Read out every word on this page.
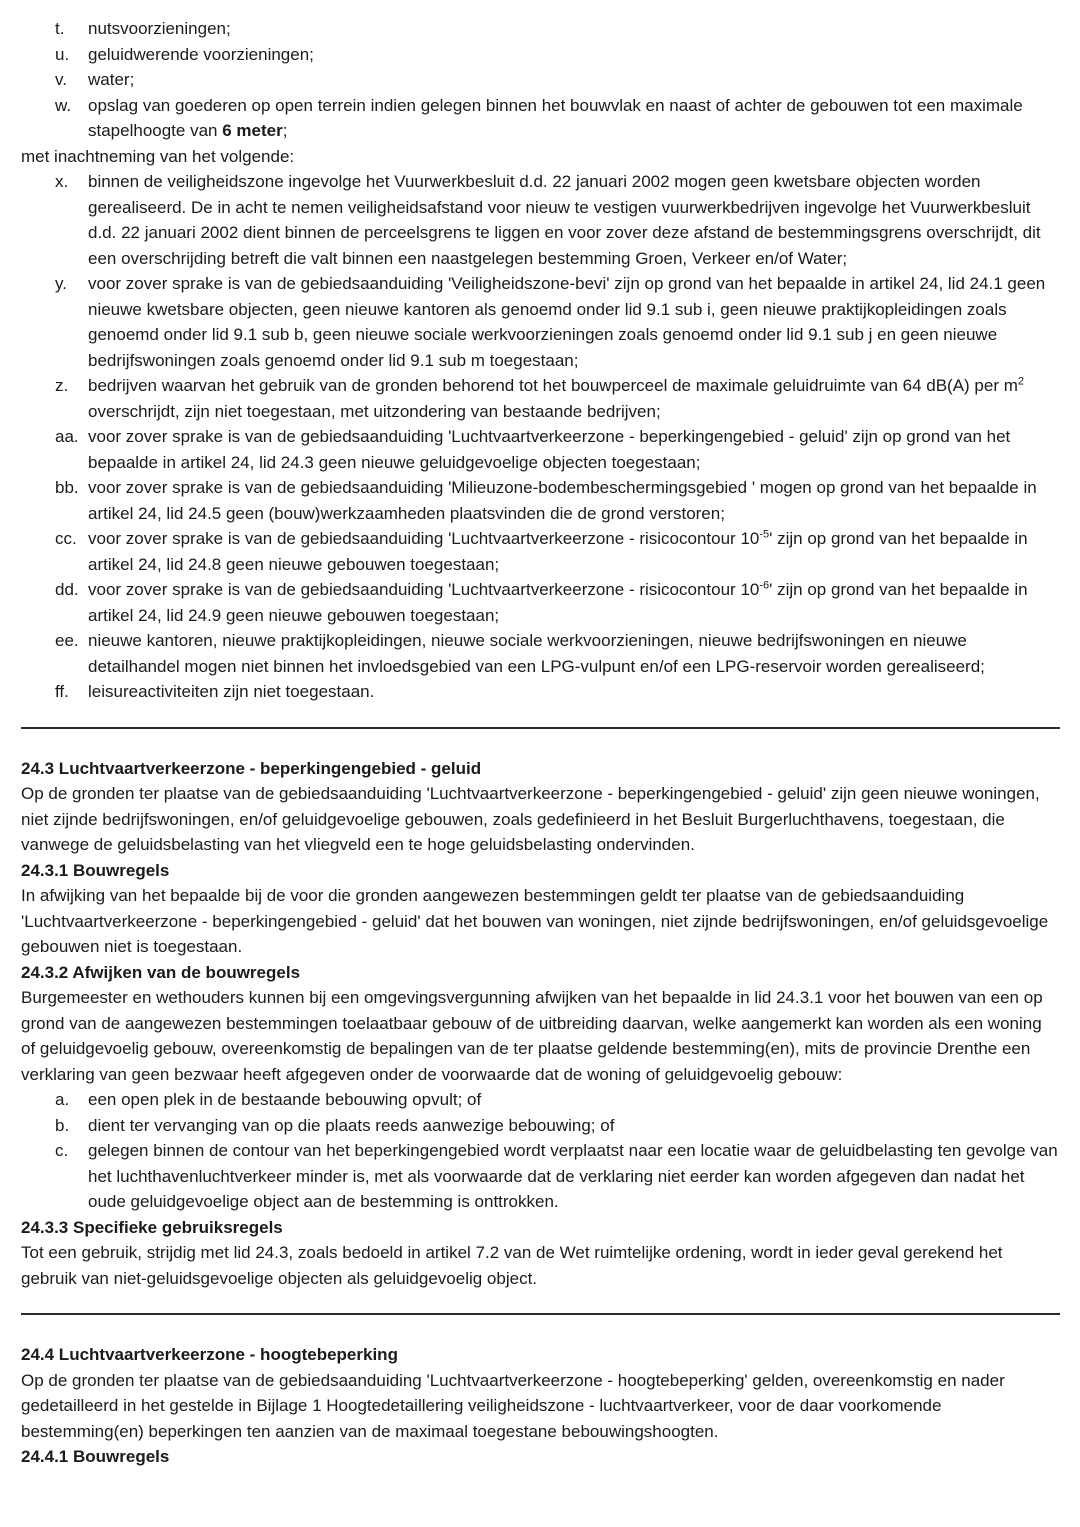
t.	nutsvoorzieningen;
u.	geluidwerende voorzieningen;
v.	water;
w. opslag van goederen op open terrein indien gelegen binnen het bouwvlak en naast of achter de gebouwen tot een maximale stapelhoogte van 6 meter;

met inachtneming van het volgende:

x.	binnen de veiligheidszone ingevolge het Vuurwerkbesluit d.d. 22 januari 2002 mogen geen kwetsbare objecten worden gerealiseerd. De in acht te nemen veiligheidsafstand voor nieuw te vestigen vuurwerkbedrijven ingevolge het Vuurwerkbesluit d.d. 22 januari 2002 dient binnen de perceelsgrens te liggen en voor zover deze afstand de bestemmingsgrens overschrijdt, dit een overschrijding betreft die valt binnen een naastgelegen bestemming Groen, Verkeer en/of Water;
y.	voor zover sprake is van de gebiedsaanduiding 'Veiligheidszone-bevi' zijn op grond van het bepaalde in artikel 24, lid 24.1 geen nieuwe kwetsbare objecten, geen nieuwe kantoren als genoemd onder lid 9.1 sub i, geen nieuwe praktijkopleidingen zoals genoemd onder lid 9.1 sub b, geen nieuwe sociale werkvoorzieningen zoals genoemd onder lid 9.1 sub j en geen nieuwe bedrijfswoningen zoals genoemd onder lid 9.1 sub m toegestaan;
z.	bedrijven waarvan het gebruik van de gronden behorend tot het bouwperceel de maximale geluidruimte van 64 dB(A) per $m^2$ overschrijdt, zijn niet toegestaan, met uitzondering van bestaande bedrijven;
aa. voor zover sprake is van de gebiedsaanduiding 'Luchtvaartverkeerzone - beperkingengebied - geluid' zijn op grond van het bepaalde in artikel 24, lid 24.3 geen nieuwe geluidgevoelige objecten toegestaan;
bb. voor zover sprake is van de gebiedsaanduiding 'Milieuzone-bodembeschermingsgebied ' mogen op grond van het bepaalde in artikel 24, lid 24.5 geen (bouw)werkzaamheden plaatsvinden die de grond verstoren;
cc. voor zover sprake is van de gebiedsaanduiding 'Luchtvaartverkeerzone - risicocontour $10^{-5}'$ zijn op grond van het bepaalde in artikel 24, lid 24.8 geen nieuwe gebouwen toegestaan;
dd. voor zover sprake is van de gebiedsaanduiding 'Luchtvaartverkeerzone - risicocontour $10^{-6}'$ zijn op grond van het bepaalde in artikel 24, lid 24.9 geen nieuwe gebouwen toegestaan;
ee. nieuwe kantoren, nieuwe praktijkopleidingen, nieuwe sociale werkvoorzieningen, nieuwe bedrijfswoningen en nieuwe detailhandel mogen niet binnen het invloedsgebied van een LPG-vulpunt en/of een LPG-reservoir worden gerealiseerd;
ff.	leisureactiviteiten zijn niet toegestaan.
24.3 Luchtvaartverkeerzone - beperkingengebied - geluid

Op de gronden ter plaatse van de gebiedsaanduiding 'Luchtvaartverkeerzone - beperkingengebied - geluid' zijn geen nieuwe woningen, niet zijnde bedrijfswoningen, en/of geluidgevoelige gebouwen, zoals gedefinieerd in het Besluit Burgerluchthavens, toegestaan, die vanwege de geluidsbelasting van het vliegveld een te hoge geluidsbelasting ondervinden.

24.3.1 Bouwregels

In afwijking van het bepaalde bij de voor die gronden aangewezen bestemmingen geldt ter plaatse van de gebiedsaanduiding 'Luchtvaartverkeerzone - beperkingengebied - geluid' dat het bouwen van woningen, niet zijnde bedrijfswoningen, en/of geluidsgevoelige gebouwen niet is toegestaan.

24.3.2 Afwijken van de bouwregels

Burgemeester en wethouders kunnen bij een omgevingsvergunning afwijken van het bepaalde in lid 24.3.1 voor het bouwen van een op grond van de aangewezen bestemmingen toelaatbaar gebouw of de uitbreiding daarvan, welke aangemerkt kan worden als een woning of geluidgevoelig gebouw, overeenkomstig de bepalingen van de ter plaatse geldende bestemming(en), mits de provincie Drenthe een verklaring van geen bezwaar heeft afgegeven onder de voorwaarde dat de woning of geluidgevoelig gebouw:

a.	een open plek in de bestaande bebouwing opvult; of
b.	dient ter vervanging van op die plaats reeds aanwezige bebouwing; of
c.	gelegen binnen de contour van het beperkingengebied wordt verplaatst naar een locatie waar de geluidbelasting ten gevolge van het luchthavenluchtverkeer minder is, met als voorwaarde dat de verklaring niet eerder kan worden afgegeven dan nadat het oude geluidgevoelige object aan de bestemming is onttrokken.
24.3.3 Specifieke gebruiksregels

Tot een gebruik, strijdig met lid 24.3, zoals bedoeld in artikel 7.2 van de Wet ruimtelijke ordening, wordt in ieder geval gerekend het gebruik van niet-geluidsgevoelige objecten als geluidgevoelig object.

24.4 Luchtvaartverkeerzone - hoogtebeperking

Op de gronden ter plaatse van de gebiedsaanduiding 'Luchtvaartverkeerzone - hoogtebeperking' gelden, overeenkomstig en nader gedetailleerd in het gestelde in Bijlage 1 Hoogtedetaillering veiligheidszone - luchtvaartverkeer, voor de daar voorkomende bestemming(en) beperkingen ten aanzien van de maximaal toegestane bebouwingshoogten.

24.4.1 Bouwregels
